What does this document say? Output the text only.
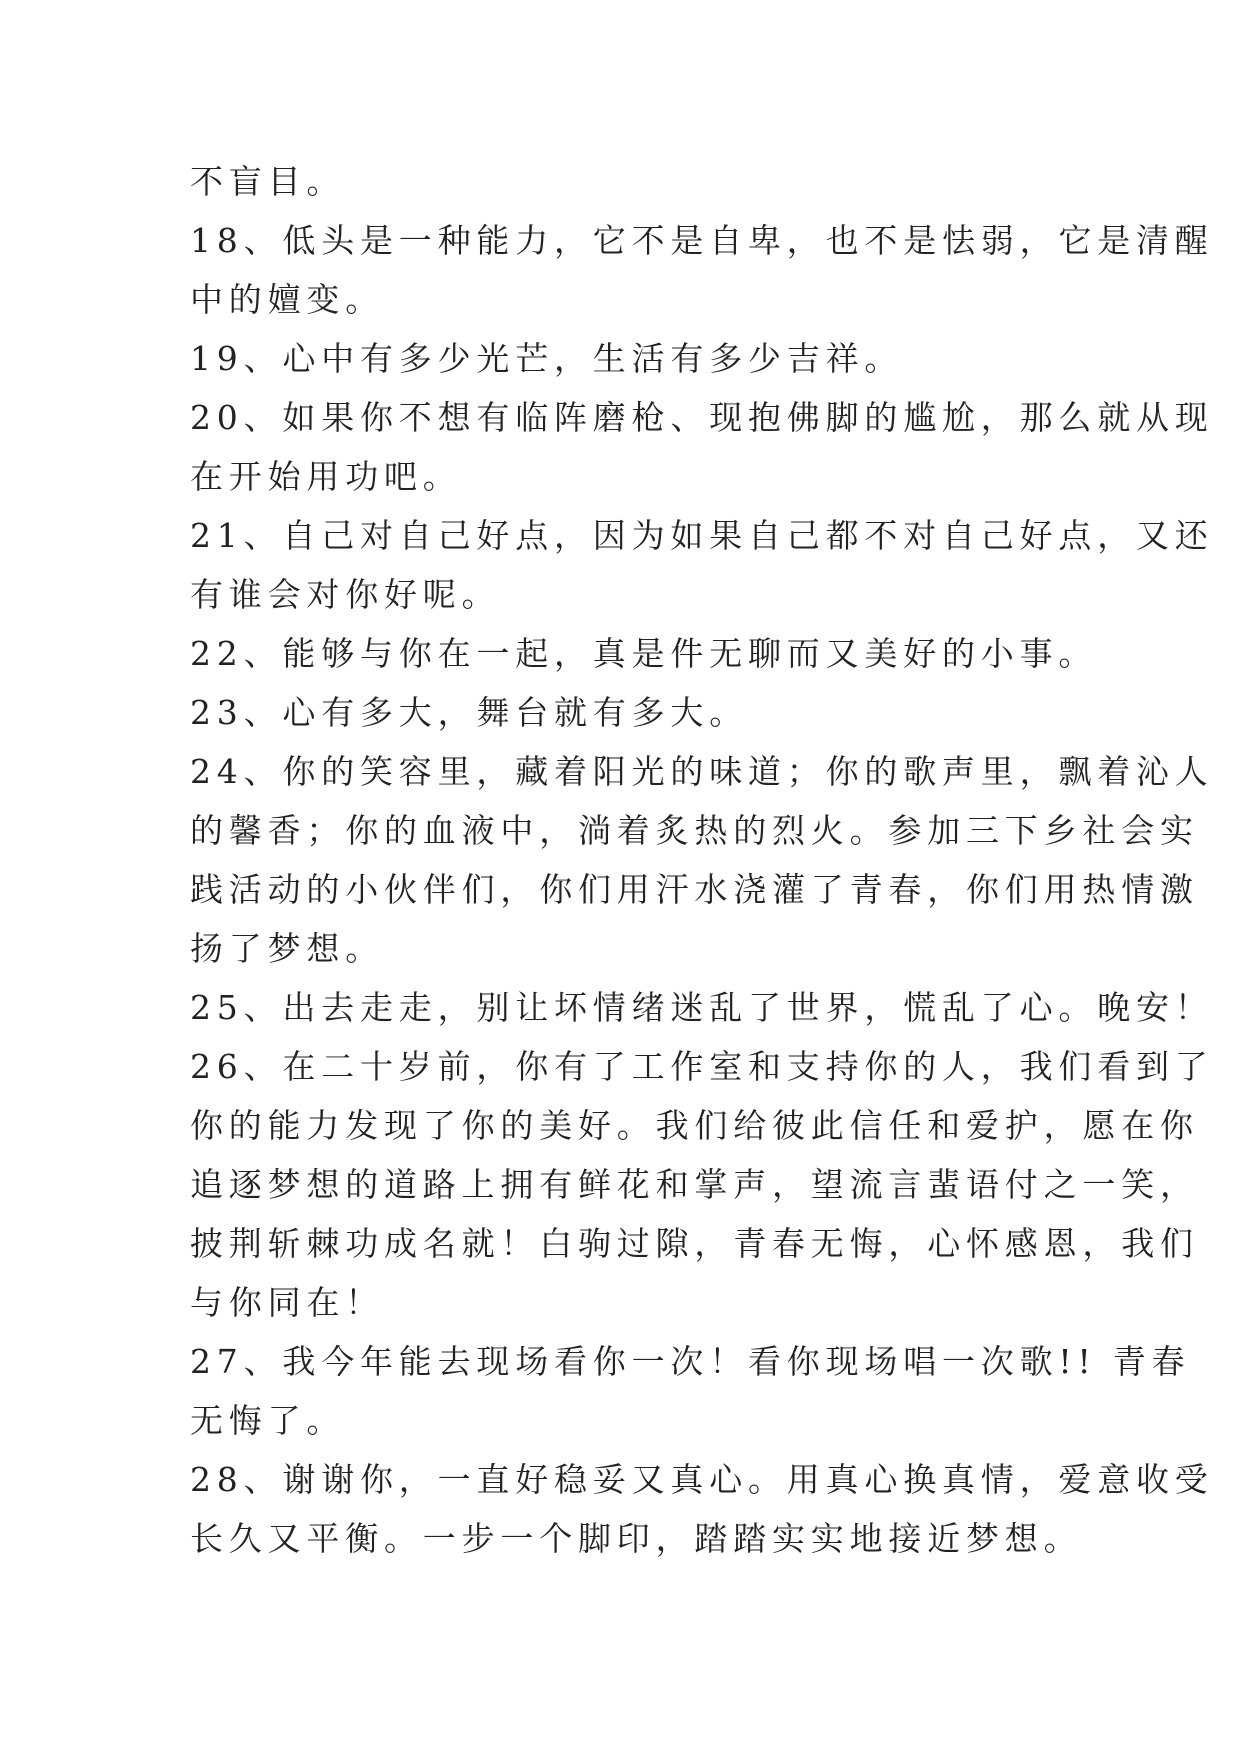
不盲目。
18、低头是一种能力，它不是自卑，也不是怯弱，它是清醒
中的嬗变。
19、心中有多少光芒，生活有多少吉祥。
20、如果你不想有临阵磨枪、现抱佛脚的尴尬，那么就从现
在开始用功吧。
21、自己对自己好点，因为如果自己都不对自己好点，又还
有谁会对你好呢。
22、能够与你在一起，真是件无聊而又美好的小事。
23、心有多大，舞台就有多大。
24、你的笑容里，藏着阳光的味道；你的歌声里，飘着沁人
的馨香；你的血液中，淌着炙热的烈火。参加三下乡社会实
践活动的小伙伴们，你们用汗水浇灌了青春，你们用热情激
扬了梦想。
25、出去走走，别让坏情绪迷乱了世界，慌乱了心。晚安！
26、在二十岁前，你有了工作室和支持你的人，我们看到了
你的能力发现了你的美好。我们给彼此信任和爱护，愿在你
追逐梦想的道路上拥有鲜花和掌声，望流言蜚语付之一笑，
披荆斩棘功成名就！白驹过隙，青春无悔，心怀感恩，我们
与你同在！
27、我今年能去现场看你一次！看你现场唱一次歌!! 青春
无悔了。
28、谢谢你，一直好稳妥又真心。用真心换真情，爱意收受
长久又平衡。一步一个脚印，踏踏实实地接近梦想。
